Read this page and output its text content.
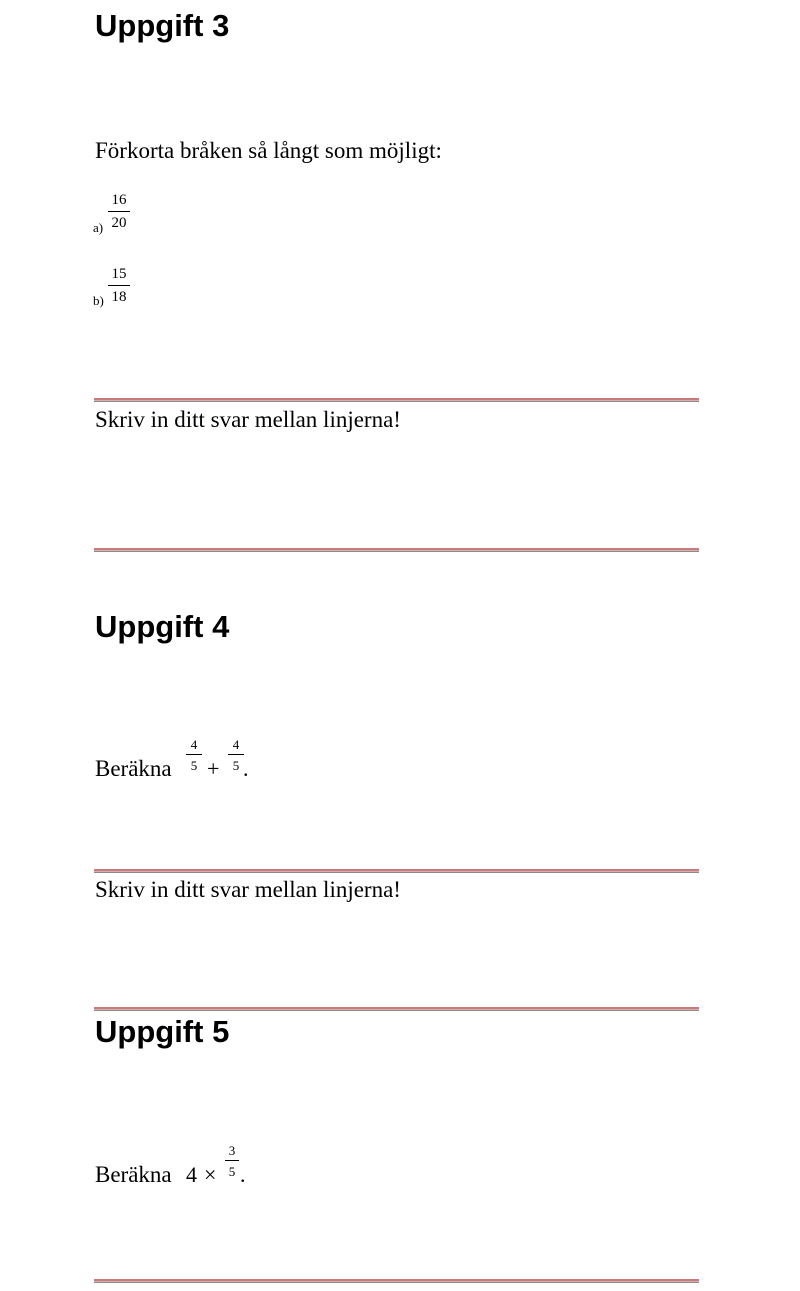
Uppgift 3
Förkorta bråken så långt som möjligt:
a)
16
20
b)
15
18
Skriv in ditt svar mellan linjerna!
Uppgift 4
Beräkna
4
5 +
4
5 .
Skriv in ditt svar mellan linjerna!
Uppgift 5
Beräkna 4 ×
3
5 .
